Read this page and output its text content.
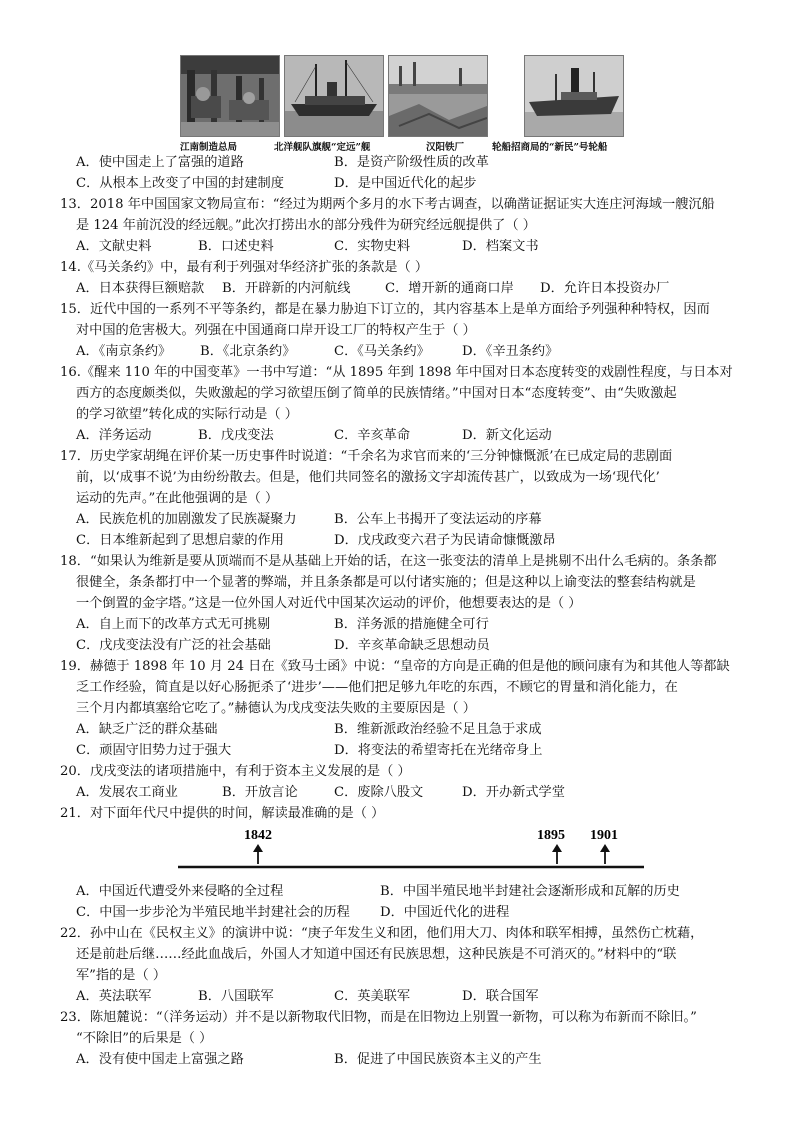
江南制造总局	北洋舰队旗舰“定远”舰	汉阳铁厂	轮船招商局的“新民”号轮船
A．使中国走上了富强的道路	B．是资产阶级性质的改革
C．从根本上改变了中国的封建制度	D．是中国近代化的起步
13．2018 年中国国家文物局宣布：“经过为期两个多月的水下考古调查，以确凿证据证实大连庄河海域一艘沉船
是 124 年前沉没的经远舰。”此次打捞出水的部分残件为研究经远舰提供了（ ）
A．文献史料	B．口述史料	C．实物史料	D．档案文书
14.《马关条约》中，最有利于列强对华经济扩张的条款是（ ）
A．日本获得巨额赔款 B．开辟新的内河航线	C．增开新的通商口岸 D．允许日本投资办厂
15．近代中国的一系列不平等条约，都是在暴力胁迫下订立的，其内容基本上是单方面给予列强种种特权，因而
对中国的危害极大。列强在中国通商口岸开设工厂的特权产生于（ ）
A．《南京条约》 B．《北京条约》	C．《马关条约》 D．《辛丑条约》
16.《醒来 110 年的中国变革》一书中写道：“从 1895 年到 1898 年中国对日本态度转变的戏剧性程度，与日本对
西方的态度颇类似，失败激起的学习欲望压倒了简单的民族情绪。”中国对日本“态度转变”、由“失败激起
的学习欲望”转化成的实际行动是（ ）
A．洋务运动	B．戊戌变法	C．辛亥革命	D．新文化运动
17．历史学家胡绳在评价某一历史事件时说道：“千余名为求官而来的‘三分钟慷慨派’在已成定局的悲剧面
前，以‘成事不说’为由纷纷散去。但是，他们共同签名的激扬文字却流传甚广，以致成为一场‘现代化’
运动的先声。”在此他强调的是（ ）
A．民族危机的加剧激发了民族凝聚力	B．公车上书揭开了变法运动的序幕
C．日本维新起到了思想启蒙的作用	D．戊戌政变六君子为民请命慷慨激昂
18．“如果认为维新是要从顶端而不是从基础上开始的话，在这一张变法的清单上是挑剔不出什么毛病的。条条都
很健全，条条都打中一个显著的弊端，并且条条都是可以付诸实施的；但是这种以上谕变法的整套结构就是
一个倒置的金字塔。”这是一位外国人对近代中国某次运动的评价，他想要表达的是（ ）
A．自上而下的改革方式无可挑剔	B．洋务派的措施健全可行
C．戊戌变法没有广泛的社会基础	D．辛亥革命缺乏思想动员
19．赫德于 1898 年 10 月 24 日在《致马士函》中说：“皇帝的方向是正确的但是他的顾问康有为和其他人等都缺
乏工作经验，简直是以好心肠扼杀了‘进步’——他们把足够九年吃的东西，不顾它的胃量和消化能力，在
三个月内都填塞给它吃了。”赫德认为戊戌变法失败的主要原因是（ ）
A．缺乏广泛的群众基础	B．维新派政治经验不足且急于求成
C．顽固守旧势力过于强大	D．将变法的希望寄托在光绪帝身上
20．戊戌变法的诸项措施中，有利于资本主义发展的是（ ）
A．发展农工商业	B．开放言论	C．废除八股文	D．开办新式学堂
21．对下面年代尺中提供的时间，解读最准确的是（ ）
1842	1895 1901
A．中国近代遭受外来侵略的全过程	B．中国半殖民地半封建社会逐渐形成和瓦解的历史
C．中国一步步沦为半殖民地半封建社会的历程 D．中国近代化的进程
22．孙中山在《民权主义》的演讲中说：“庚子年发生义和团，他们用大刀、肉体和联军相搏，虽然伤亡枕藉，
还是前赴后继……经此血战后，外国人才知道中国还有民族思想，这种民族是不可消灭的。”材料中的“联
军”指的是（ ）
A．英法联军	B．八国联军	C．英美联军	D．联合国军
23．陈旭麓说：“（洋务运动）并不是以新物取代旧物，而是在旧物边上别置一新物，可以称为布新而不除旧。”
“不除旧”的后果是（ ）
A．没有使中国走上富强之路	B．促进了中国民族资本主义的产生
